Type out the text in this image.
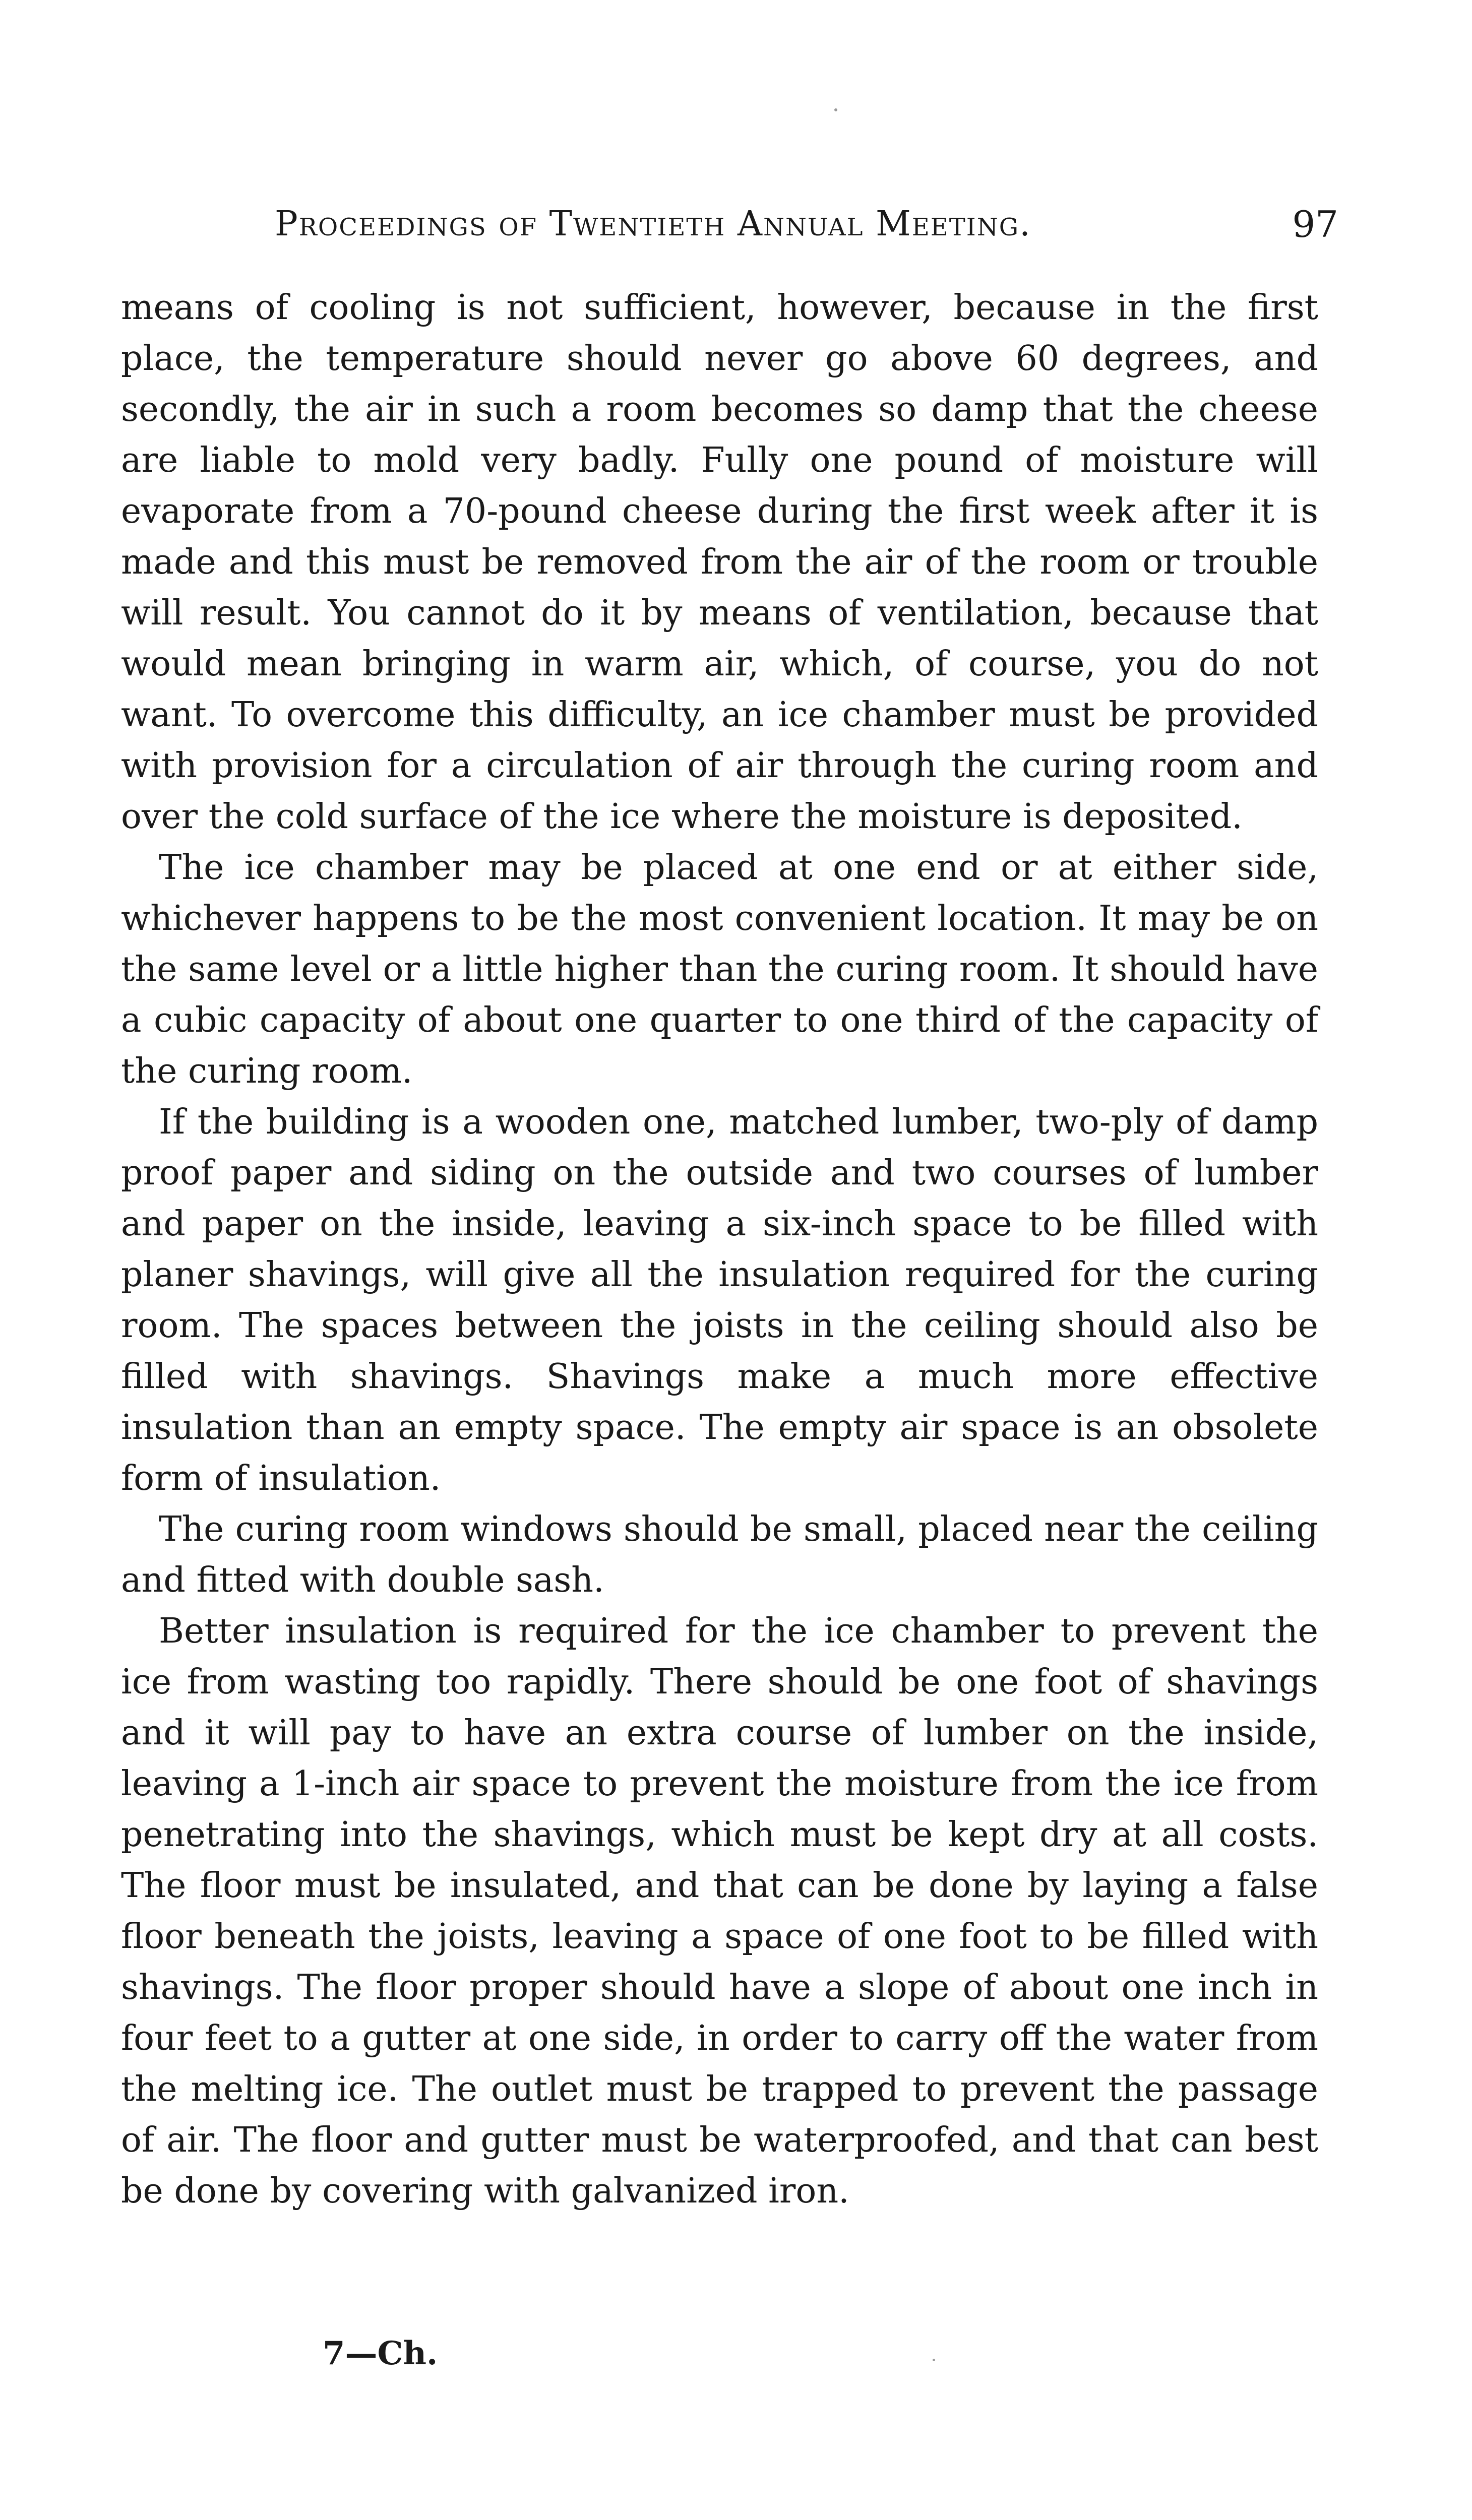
Proceedings of Twentieth Annual Meeting.	97

means of cooling is not sufficient, however, because in the first place, the temperature should never go above 60 degrees, and secondly, the air in such a room becomes so damp that the cheese are liable to mold very badly. Fully one pound of moisture will evaporate from a 70-pound cheese during the first week after it is made and this must be removed from the air of the room or trouble will result. You cannot do it by means of ventilation, because that would mean bringing in warm air, which, of course, you do not want. To overcome this difficulty, an ice chamber must be provided with provision for a circulation of air through the curing room and over the cold surface of the ice where the moisture is deposited.

The ice chamber may be placed at one end or at either side, whichever happens to be the most convenient location. It may be on the same level or a little higher than the curing room. It should have a cubic capacity of about one quarter to one third of the capacity of the curing room.

If the building is a wooden one, matched lumber, two-ply of damp proof paper and siding on the outside and two courses of lumber and paper on the inside, leaving a six-inch space to be filled with planer shavings, will give all the insulation required for the curing room. The spaces between the joists in the ceiling should also be filled with shavings. Shavings make a much more effective insulation than an empty space. The empty air space is an obsolete form of insulation.

The curing room windows should be small, placed near the ceiling and fitted with double sash.

Better insulation is required for the ice chamber to prevent the ice from wasting too rapidly. There should be one foot of shavings and it will pay to have an extra course of lumber on the inside, leaving a 1-inch air space to prevent the moisture from the ice from penetrating into the shavings, which must be kept dry at all costs. The floor must be insulated, and that can be done by laying a false floor beneath the joists, leaving a space of one foot to be filled with shavings. The floor proper should have a slope of about one inch in four feet to a gutter at one side, in order to carry off the water from the melting ice. The outlet must be trapped to prevent the passage of air. The floor and gutter must be waterproofed, and that can best be done by covering with galvanized iron.

7—Ch.
